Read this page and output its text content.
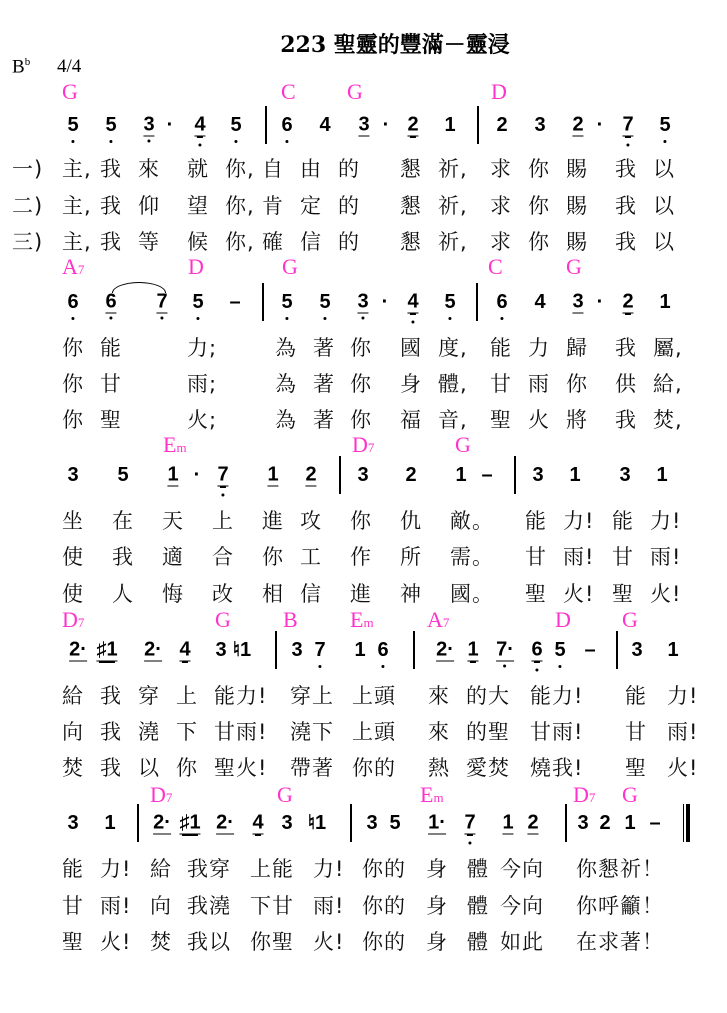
223 聖靈的豐滿－靈浸
$B^b$ 4/4
G	C G	D
5 5 3 · 4 5 6 4 3 · 2 1 2 3 2 · 7 5
一) 主, 我 來 就 你, 自 由 的 懇 祈, 求 你 賜 我 以
二) 主, 我 仰 望 你, 肯 定 的 懇 祈, 求 你 賜 我 以
三) 主, 我 等 候 你, 確 信 的 懇 祈, 求 你 賜 我 以
A7	D	G	C	G
6 6 7 5 – 5 5 3 · 4 5 6 4 3 · 2 1
你 能	力;	為 著 你 國 度, 能 力 歸 我 屬,
你 甘	雨;	為 著 你 身 體, 甘 雨 你 供 給,
你 聖	火;	為 著 你 福 音, 聖 火 將 我 焚,
Em	D7	G
3 5 1 · 7 1 2 3 2 1 – 3 1 3 1
坐 在 天 上 進 攻 你 仇 敵。 能 力! 能 力!
使 我 適 合 你 工 作 所 需。 甘 雨! 甘 雨!
使 人 悔 改 相 信 進 神 國。 聖 火! 聖 火!
D7	G B Em A7	D G
2· ♯1 2· 4 3 ♮1 3 7 1 6 2· 1 7· 6 5 – 3 1
給 我 穿 上 能力! 穿上 上頭 來 的大 能力! 能 力!
向 我 澆 下 甘雨! 澆下 上頭 來 的聖 甘雨! 甘 雨!
焚 我 以 你 聖火! 帶著 你的 熱 愛焚 燒我! 聖 火!
D7	G	Em	D7 G
3 1 2· ♯1 2· 4 3 ♮1 3 5 1· 7 1 2 3 2 1 –
能 力! 給 我穿 上能 力! 你的 身 體 今向 你懇祈！
甘 雨! 向 我澆 下甘 雨! 你的 身 體 今向 你呼籲！
聖 火! 焚 我以 你聖 火! 你的 身 體 如此 在求著！
